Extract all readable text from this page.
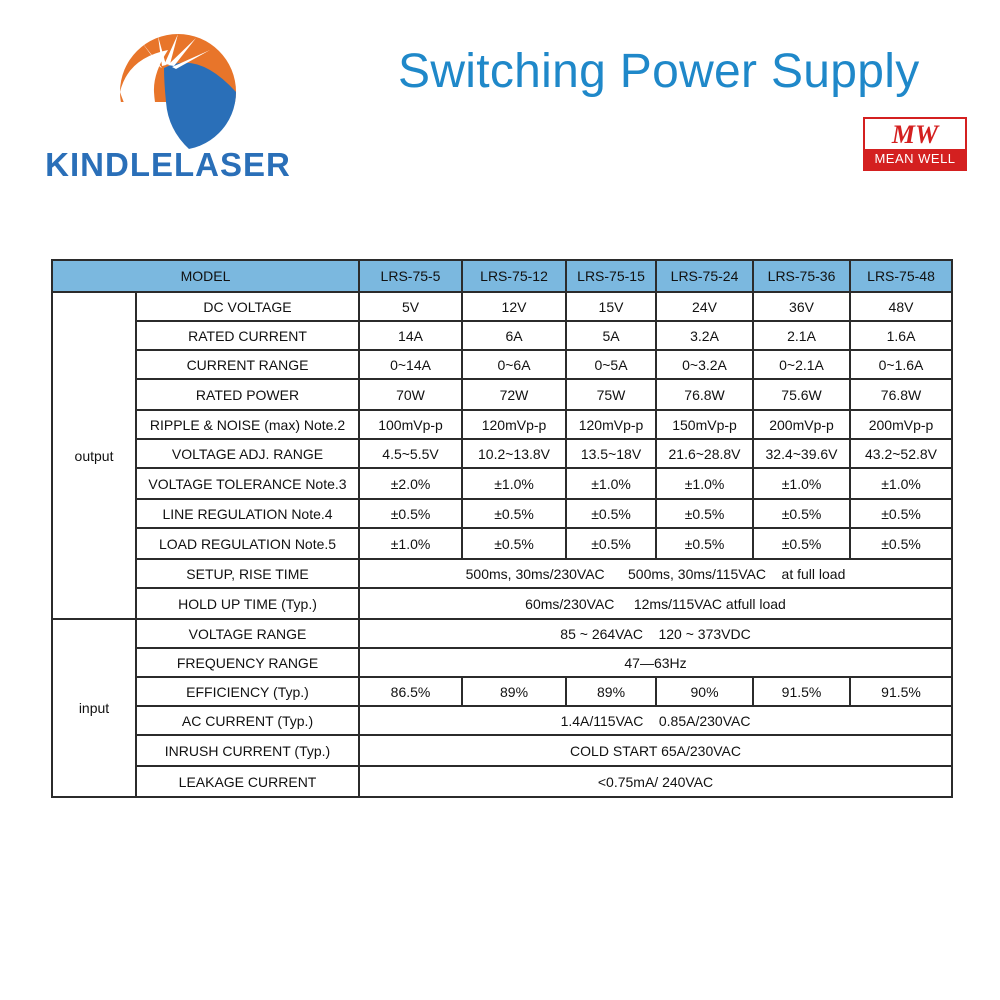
KINDLELASER
Switching Power Supply
MW
MEAN WELL
MODEL		LRS-75-5	LRS-75-12	LRS-75-15	LRS-75-24	LRS-75-36	LRS-75-48
output	DC VOLTAGE	5V	12V	15V	24V	36V	48V
	RATED CURRENT	14A	6A	5A	3.2A	2.1A	1.6A
	CURRENT RANGE	0~14A	0~6A	0~5A	0~3.2A	0~2.1A	0~1.6A
	RATED POWER	70W	72W	75W	76.8W	75.6W	76.8W
	RIPPLE & NOISE (max) Note.2	100mVp-p	120mVp-p	120mVp-p	150mVp-p	200mVp-p	200mVp-p
	VOLTAGE ADJ. RANGE	4.5~5.5V	10.2~13.8V	13.5~18V	21.6~28.8V	32.4~39.6V	43.2~52.8V
	VOLTAGE TOLERANCE Note.3	±2.0%	±1.0%	±1.0%	±1.0%	±1.0%	±1.0%
	LINE REGULATION Note.4	±0.5%	±0.5%	±0.5%	±0.5%	±0.5%	±0.5%
	LOAD REGULATION Note.5	±1.0%	±0.5%	±0.5%	±0.5%	±0.5%	±0.5%
	SETUP, RISE TIME	500ms, 30ms/230VAC      500ms, 30ms/115VAC    at full load					
	HOLD UP TIME (Typ.)	60ms/230VAC     12ms/115VAC atfull load					
input	VOLTAGE RANGE	85 ~ 264VAC    120 ~ 373VDC					
	FREQUENCY RANGE	47—63Hz					
	EFFICIENCY (Typ.)	86.5%	89%	89%	90%	91.5%	91.5%
	AC CURRENT (Typ.)	1.4A/115VAC    0.85A/230VAC					
	INRUSH CURRENT (Typ.)	COLD START 65A/230VAC					
	LEAKAGE CURRENT	<0.75mA/ 240VAC					
